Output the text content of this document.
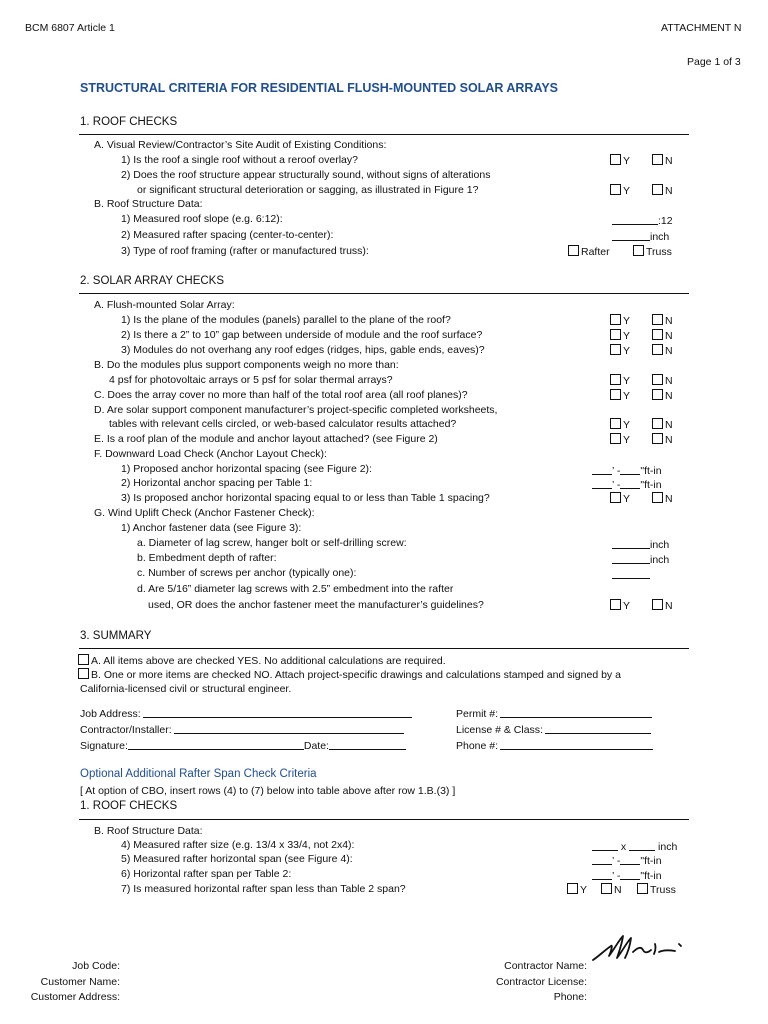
BCM 6807 Article 1	ATTACHMENT N
Page 1 of 3
STRUCTURAL CRITERIA FOR RESIDENTIAL FLUSH-MOUNTED SOLAR ARRAYS
1. ROOF CHECKS
A. Visual Review/Contractor’s Site Audit of Existing Conditions:
1) Is the roof a single roof without a reroof overlay?	Y	N
2) Does the roof structure appear structurally sound, without signs of alterations
or significant structural deterioration or sagging, as illustrated in Figure 1?	Y	N
B. Roof Structure Data:
1) Measured roof slope (e.g. 6:12):	:12
2) Measured rafter spacing (center-to-center):	inch
3) Type of roof framing (rafter or manufactured truss):	Rafter	Truss
2. SOLAR ARRAY CHECKS
A. Flush-mounted Solar Array:
1) Is the plane of the modules (panels) parallel to the plane of the roof?	Y	N
2) Is there a 2” to 10” gap between underside of module and the roof surface?	Y	N
3) Modules do not overhang any roof edges (ridges, hips, gable ends, eaves)?	Y	N
B. Do the modules plus support components weigh no more than:
4 psf for photovoltaic arrays or 5 psf for solar thermal arrays?	Y	N
C. Does the array cover no more than half of the total roof area (all roof planes)?	Y	N
D. Are solar support component manufacturer’s project-specific completed worksheets,
tables with relevant cells circled, or web-based calculator results attached?	Y	N
E. Is a roof plan of the module and anchor layout attached? (see Figure 2)	Y	N
F. Downward Load Check (Anchor Layout Check):
1) Proposed anchor horizontal spacing (see Figure 2):	’ - "ft-in
2) Horizontal anchor spacing per Table 1:	’ - "ft-in
3) Is proposed anchor horizontal spacing equal to or less than Table 1 spacing?	Y	N
G. Wind Uplift Check (Anchor Fastener Check):
1) Anchor fastener data (see Figure 3):
a. Diameter of lag screw, hanger bolt or self-drilling screw:	inch
b. Embedment depth of rafter:	inch
c. Number of screws per anchor (typically one):
d. Are 5/16” diameter lag screws with 2.5” embedment into the rafter
used, OR does the anchor fastener meet the manufacturer’s guidelines?	Y	N
3. SUMMARY
A. All items above are checked YES. No additional calculations are required.
B. One or more items are checked NO. Attach project-specific drawings and calculations stamped and signed by a
California-licensed civil or structural engineer.
Job Address:
Contractor/Installer:
Signature:	Date:
Permit #:
License # & Class:
Phone #:
Optional Additional Rafter Span Check Criteria
[ At option of CBO, insert rows (4) to (7) below into table above after row 1.B.(3) ]
1. ROOF CHECKS
B. Roof Structure Data:
4) Measured rafter size (e.g. 13/4 x 33/4, not 2x4):	x	inch
5) Measured rafter horizontal span (see Figure 4):	’ - "ft-in
6) Horizontal rafter span per Table 2:	’ - "ft-in
7) Is measured horizontal rafter span less than Table 2 span?	Y	N	Truss
Job Code:
Customer Name:
Customer Address:
Contractor Name:
Contractor License:
Phone:
